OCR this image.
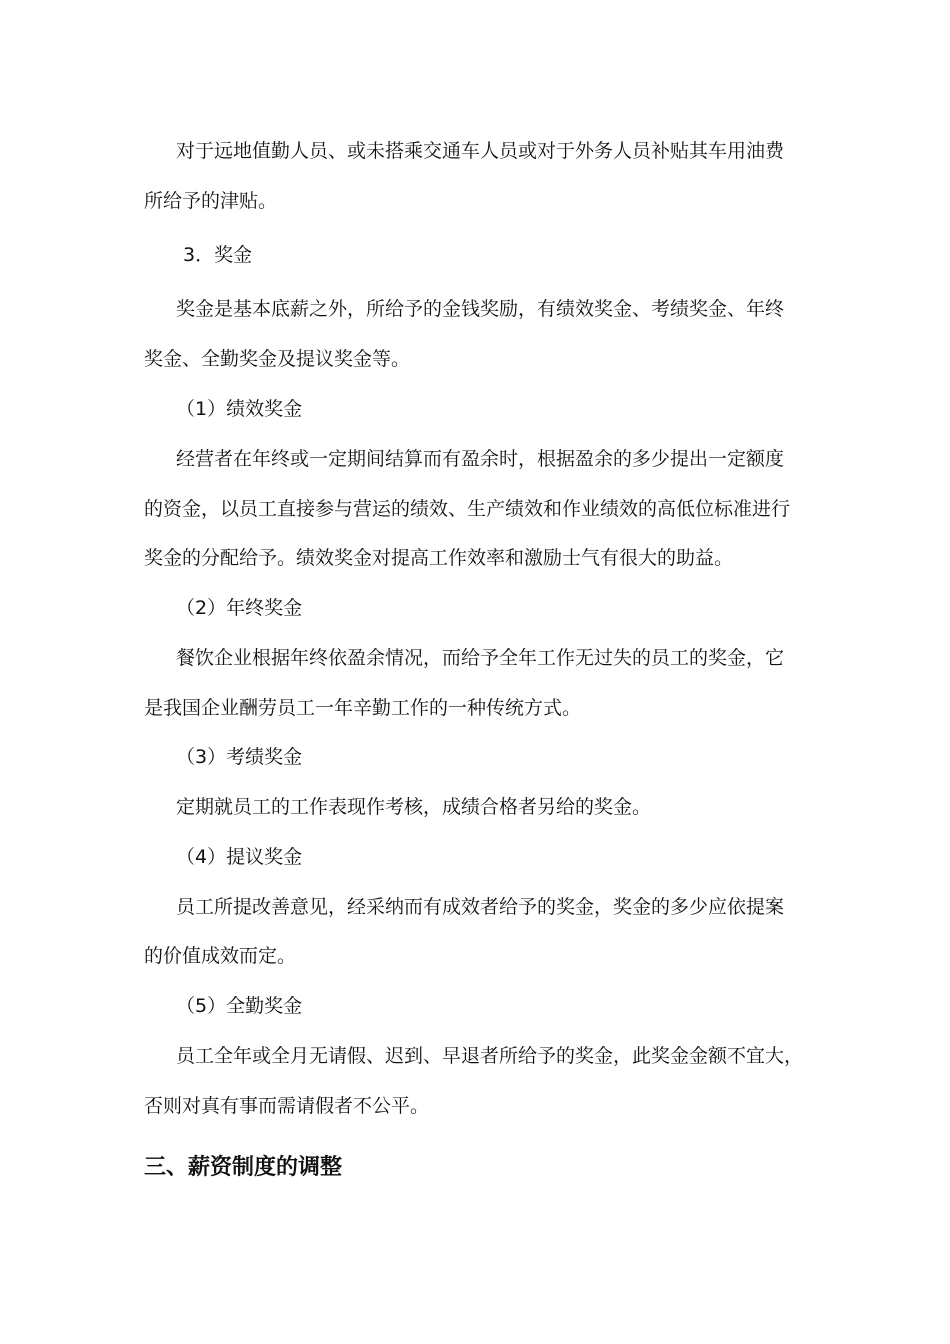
对于远地值勤人员、或未搭乘交通车人员或对于外务人员补贴其车用油费
所给予的津贴。
3．奖金
奖金是基本底薪之外，所给予的金钱奖励，有绩效奖金、考绩奖金、年终
奖金、全勤奖金及提议奖金等。
（1）绩效奖金
经营者在年终或一定期间结算而有盈余时，根据盈余的多少提出一定额度
的资金，以员工直接参与营运的绩效、生产绩效和作业绩效的高低位标准进行
奖金的分配给予。绩效奖金对提高工作效率和激励士气有很大的助益。
（2）年终奖金
餐饮企业根据年终依盈余情况，而给予全年工作无过失的员工的奖金，它
是我国企业酬劳员工一年辛勤工作的一种传统方式。
（3）考绩奖金
定期就员工的工作表现作考核，成绩合格者另给的奖金。
（4）提议奖金
员工所提改善意见，经采纳而有成效者给予的奖金，奖金的多少应依提案
的价值成效而定。
（5）全勤奖金
员工全年或全月无请假、迟到、早退者所给予的奖金，此奖金金额不宜大，
否则对真有事而需请假者不公平。
三、薪资制度的调整
